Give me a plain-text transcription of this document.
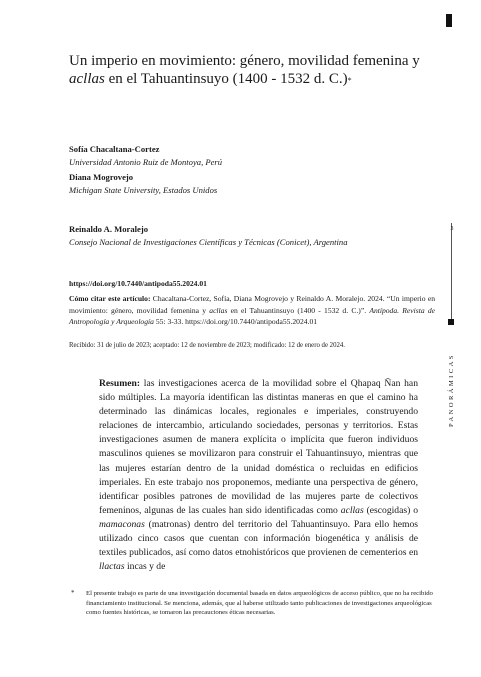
3
PANORÁMICAS
Un imperio en movimiento: género, movilidad femenina y acllas en el Tahuantinsuyo (1400 - 1532 d. C.)*
Sofía Chacaltana-Cortez
Universidad Antonio Ruiz de Montoya, Perú
Diana Mogrovejo
Michigan State University, Estados Unidos
Reinaldo A. Moralejo
Consejo Nacional de Investigaciones Científicas y Técnicas (Conicet), Argentina
https://doi.org/10.7440/antipoda55.2024.01
Cómo citar este artículo: Chacaltana-Cortez, Sofía, Diana Mogrovejo y Reinaldo A. Moralejo. 2024. “Un imperio en movimiento: género, movilidad femenina y acllas en el Tahuantinsuyo (1400 - 1532 d. C.)”. Antípoda. Revista de Antropología y Arqueología 55: 3-33. https://doi.org/10.7440/antipoda55.2024.01
Recibido: 31 de julio de 2023; aceptado: 12 de noviembre de 2023; modificado: 12 de enero de 2024.

Resumen: las investigaciones acerca de la movilidad sobre el Qhapaq Ñan han sido múltiples. La mayoría identifican las distintas maneras en que el camino ha determinado las dinámicas locales, regionales e imperiales, construyendo relaciones de intercambio, articulando sociedades, personas y territorios. Estas investigaciones asumen de manera explícita o implícita que fueron individuos masculinos quienes se movilizaron para construir el Tahuantinsuyo, mientras que las mujeres estarían dentro de la unidad doméstica o recluidas en edificios imperiales. En este trabajo nos proponemos, mediante una perspectiva de género, identificar posibles patrones de movilidad de las mujeres parte de colectivos femeninos, algunas de las cuales han sido identificadas como acllas (escogidas) o mamaconas (matronas) dentro del territorio del Tahuantinsuyo. Para ello hemos utilizado cinco casos que cuentan con información biogenética y análisis de textiles publicados, así como datos etnohistóricos que provienen de cementerios en llactas incas y de

* El presente trabajo es parte de una investigación documental basada en datos arqueológicos de acceso público, que no ha recibido financiamiento institucional. Se menciona, además, que al haberse utilizado tanto publicaciones de investigaciones arqueológicas como fuentes históricas, se tomaron las precauciones éticas necesarias.
